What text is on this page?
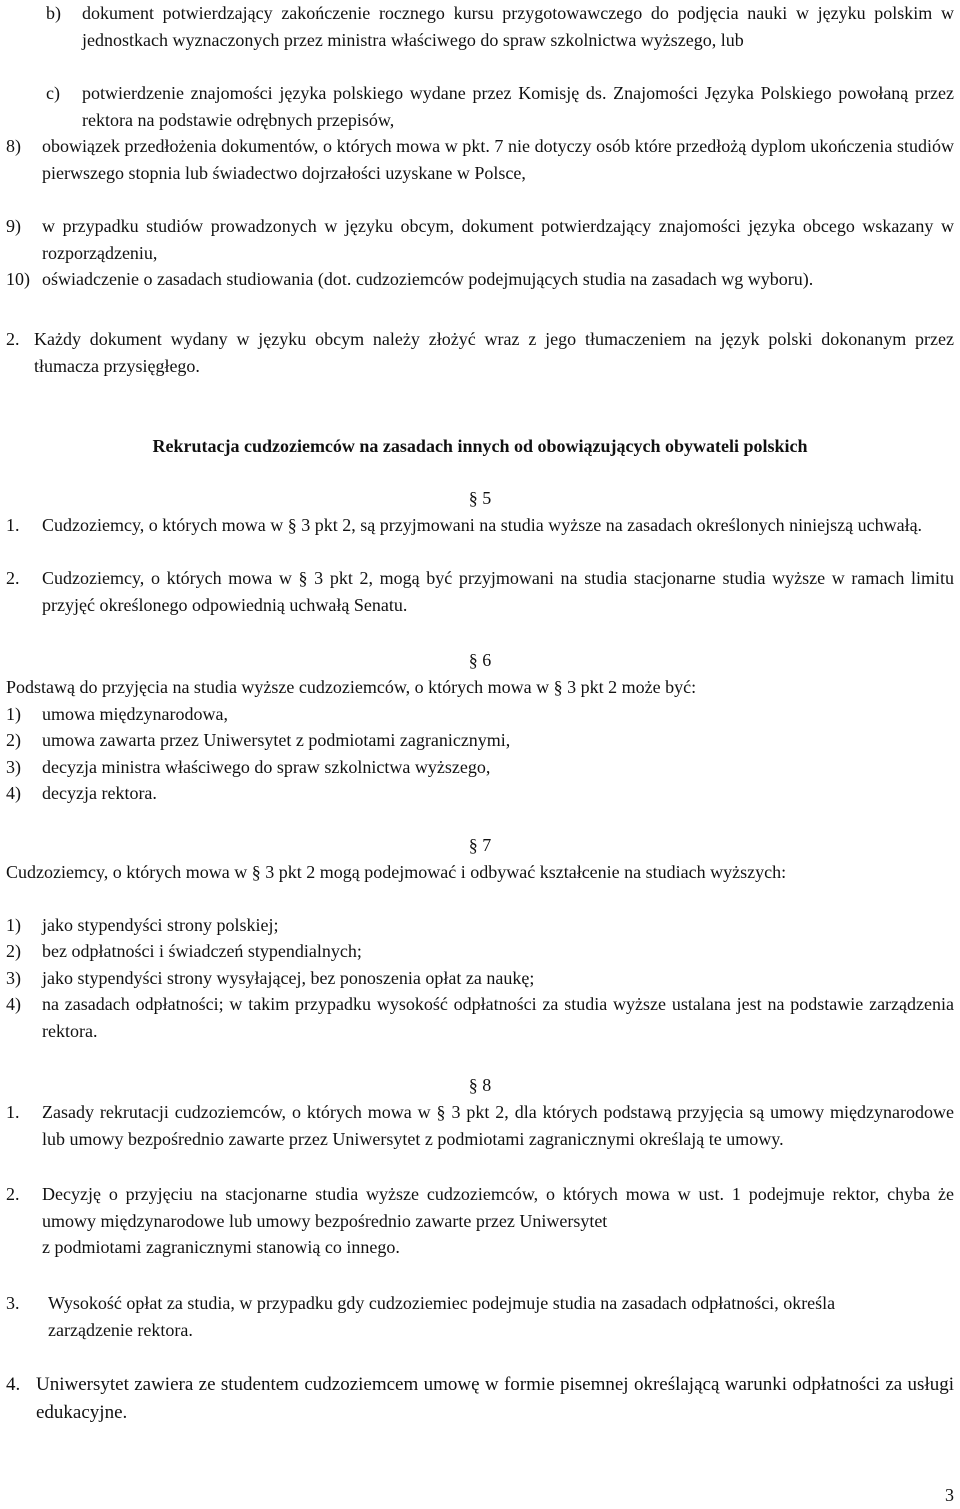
b) dokument potwierdzający zakończenie rocznego kursu przygotowawczego do podjęcia nauki w języku polskim w jednostkach wyznaczonych przez ministra właściwego do spraw szkolnictwa wyższego, lub
c) potwierdzenie znajomości języka polskiego wydane przez Komisję ds. Znajomości Języka Polskiego powołaną przez rektora na podstawie odrębnych przepisów,
8) obowiązek przedłożenia dokumentów, o których mowa w pkt. 7 nie dotyczy osób które przedłożą dyplom ukończenia studiów pierwszego stopnia lub świadectwo dojrzałości uzyskane w Polsce,
9) w przypadku studiów prowadzonych w języku obcym, dokument potwierdzający znajomości języka obcego wskazany w rozporządzeniu,
10) oświadczenie o zasadach studiowania (dot. cudzoziemców podejmujących studia na zasadach wg wyboru).
2. Każdy dokument wydany w języku obcym należy złożyć wraz z jego tłumaczeniem na język polski dokonanym przez tłumacza przysięgłego.
Rekrutacja cudzoziemców na zasadach innych od obowiązujących obywateli polskich
§ 5
1. Cudzoziemcy, o których mowa w § 3 pkt 2, są przyjmowani na studia wyższe na zasadach określonych niniejszą uchwałą.
2. Cudzoziemcy, o których mowa w § 3 pkt 2, mogą być przyjmowani na studia stacjonarne studia wyższe w ramach limitu przyjęć określonego odpowiednią uchwałą Senatu.
§ 6
Podstawą do przyjęcia na studia wyższe cudzoziemców, o których mowa w § 3 pkt 2 może być:
1) umowa międzynarodowa,
2) umowa zawarta przez Uniwersytet z podmiotami zagranicznymi,
3) decyzja ministra właściwego do spraw szkolnictwa wyższego,
4) decyzja rektora.
§ 7
Cudzoziemcy, o których mowa w § 3 pkt 2 mogą podejmować i odbywać kształcenie na studiach wyższych:
1) jako stypendyści strony polskiej;
2) bez odpłatności i świadczeń stypendialnych;
3) jako stypendyści strony wysyłającej, bez ponoszenia opłat za naukę;
4) na zasadach odpłatności; w takim przypadku wysokość odpłatności za studia wyższe ustalana jest na podstawie zarządzenia rektora.
§ 8
1. Zasady rekrutacji cudzoziemców, o których mowa w § 3 pkt 2, dla których podstawą przyjęcia są umowy międzynarodowe lub umowy bezpośrednio zawarte przez Uniwersytet z podmiotami zagranicznymi określają te umowy.
2. Decyzję o przyjęciu na stacjonarne studia wyższe cudzoziemców, o których mowa w ust. 1 podejmuje rektor, chyba że umowy międzynarodowe lub umowy bezpośrednio zawarte przez Uniwersytet
z podmiotami zagranicznymi stanowią co innego.
3. Wysokość opłat za studia, w przypadku gdy cudzoziemiec podejmuje studia na zasadach odpłatności, określa
zarządzenie rektora.
4. Uniwersytet zawiera ze studentem cudzoziemcem umowę w formie pisemnej określającą warunki odpłatności za usługi edukacyjne.
3
